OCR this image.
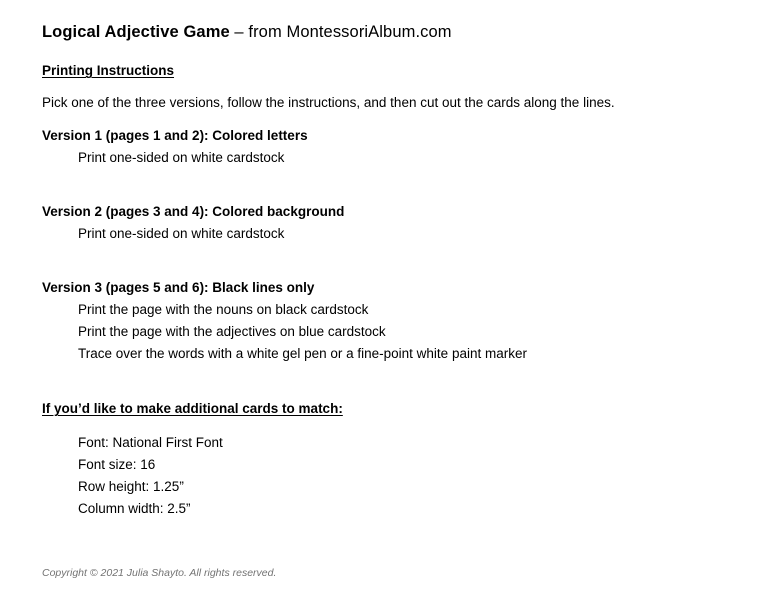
Logical Adjective Game – from MontessoriAlbum.com
Printing Instructions
Pick one of the three versions, follow the instructions, and then cut out the cards along the lines.
Version 1 (pages 1 and 2): Colored letters
Print one-sided on white cardstock
Version 2 (pages 3 and 4): Colored background
Print one-sided on white cardstock
Version 3 (pages 5 and 6): Black lines only
Print the page with the nouns on black cardstock
Print the page with the adjectives on blue cardstock
Trace over the words with a white gel pen or a fine-point white paint marker
If you’d like to make additional cards to match:
Font: National First Font
Font size: 16
Row height: 1.25”
Column width: 2.5”
Copyright © 2021 Julia Shayto. All rights reserved.
